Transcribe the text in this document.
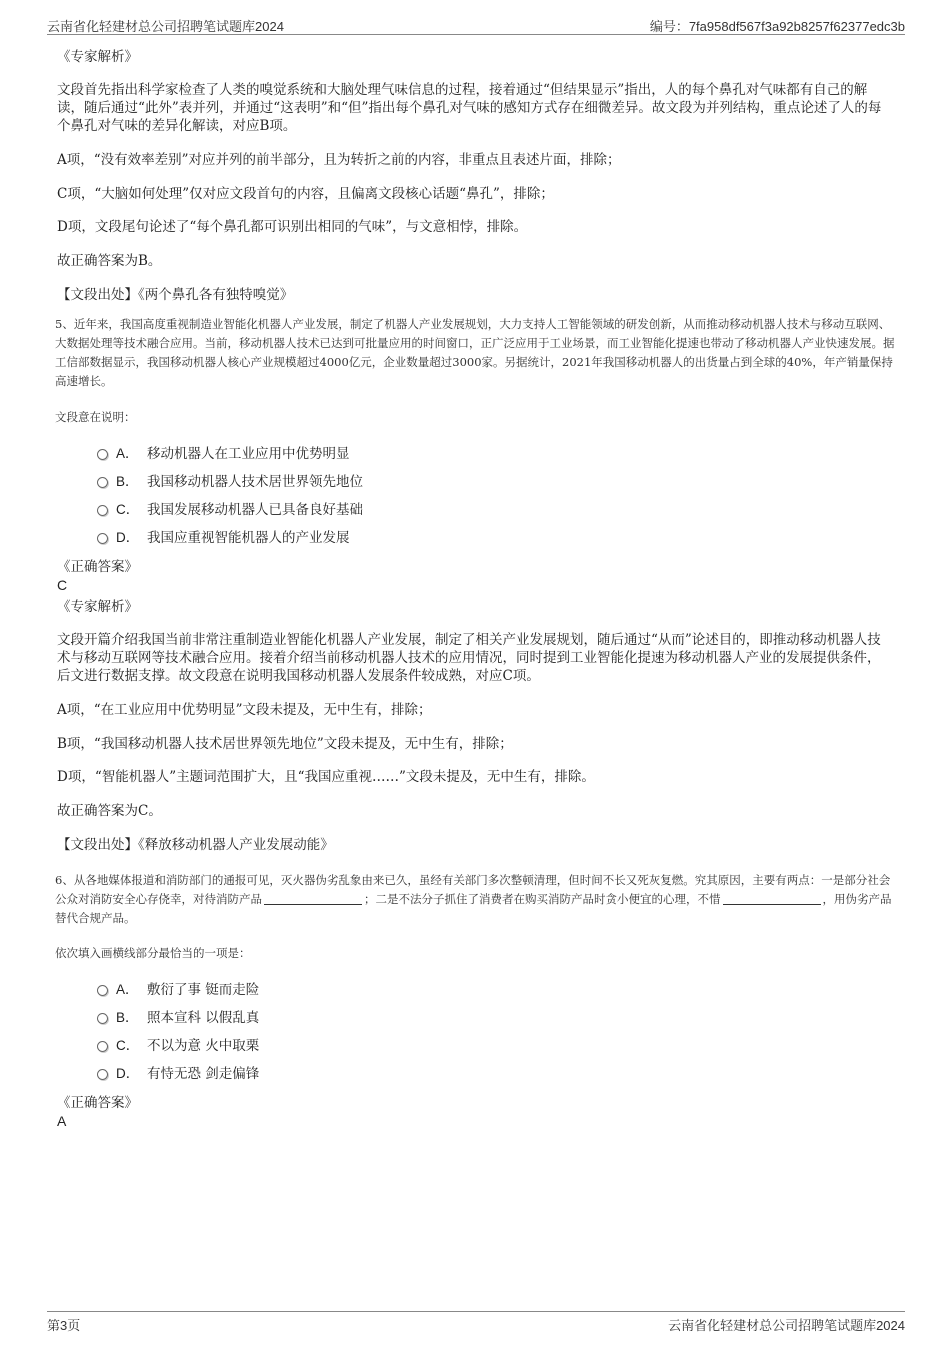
云南省化轻建材总公司招聘笔试题库2024	编号：7fa958df567f3a92b8257f62377edc3b
《专家解析》
文段首先指出科学家检查了人类的嗅觉系统和大脑处理气味信息的过程，接着通过“但结果显示”指出，人的每个鼻孔对气味都有自己的解读，随后通过“此外”表并列，并通过“这表明”和“但”指出每个鼻孔对气味的感知方式存在细微差异。故文段为并列结构，重点论述了人的每个鼻孔对气味的差异化解读，对应B项。
A项，“没有效率差别”对应并列的前半部分，且为转折之前的内容，非重点且表述片面，排除；
C项，“大脑如何处理”仅对应文段首句的内容，且偏离文段核心话题“鼻孔”，排除；
D项，文段尾句论述了“每个鼻孔都可识别出相同的气味”，与文意相悖，排除。
故正确答案为B。
【文段出处】《两个鼻孔各有独特嗅觉》
5、近年来，我国高度重视制造业智能化机器人产业发展，制定了机器人产业发展规划，大力支持人工智能领域的研发创新，从而推动移动机器人技术与移动互联网、大数据处理等技术融合应用。当前，移动机器人技术已达到可批量应用的时间窗口，正广泛应用于工业场景，而工业智能化提速也带动了移动机器人产业快速发展。据工信部数据显示，我国移动机器人核心产业规模超过4000亿元，企业数量超过3000家。另据统计，2021年我国移动机器人的出货量占到全球的40%，年产销量保持高速增长。
文段意在说明：
A． 移动机器人在工业应用中优势明显
B． 我国移动机器人技术居世界领先地位
C． 我国发展移动机器人已具备良好基础
D． 我国应重视智能机器人的产业发展
《正确答案》
C
《专家解析》
文段开篇介绍我国当前非常注重制造业智能化机器人产业发展，制定了相关产业发展规划，随后通过“从而”论述目的，即推动移动机器人技术与移动互联网等技术融合应用。接着介绍当前移动机器人技术的应用情况，同时提到工业智能化提速为移动机器人产业的发展提供条件，后文进行数据支撑。故文段意在说明我国移动机器人发展条件较成熟，对应C项。
A项，“在工业应用中优势明显”文段未提及，无中生有，排除；
B项，“我国移动机器人技术居世界领先地位”文段未提及，无中生有，排除；
D项，“智能机器人”主题词范围扩大，且“我国应重视……”文段未提及，无中生有，排除。
故正确答案为C。
【文段出处】《释放移动机器人产业发展动能》
6、从各地媒体报道和消防部门的通报可见，灭火器伪劣乱象由来已久，虽经有关部门多次整顿清理，但时间不长又死灰复燃。究其原因，主要有两点：一是部分社会公众对消防安全心存侥幸，对待消防产品	；二是不法分子抓住了消费者在购买消防产品时贪小便宜的心理，不惜	，用伪劣产品替代合规产品。
依次填入画横线部分最恰当的一项是：
A． 敷衍了事 铤而走险
B． 照本宣科 以假乱真
C． 不以为意 火中取栗
D． 有恃无恐 剑走偏锋
《正确答案》
A
第3页	云南省化轻建材总公司招聘笔试题库2024
